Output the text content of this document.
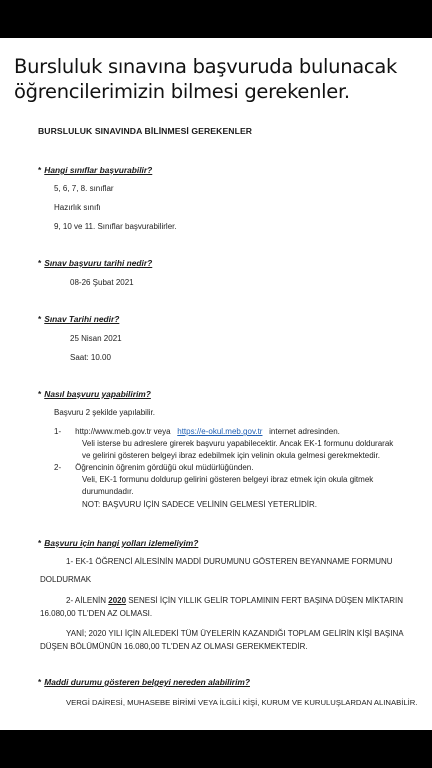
Bursluluk sınavına başvuruda bulunacak öğrencilerimizin bilmesi gerekenler.
BURSLULUK SINAVINDA BİLİNMESİ GEREKENLER
* Hangi sınıflar başvurabilir?
5, 6, 7, 8. sınıflar
Hazırlık sınıfı
9, 10 ve 11. Sınıflar başvurabilirler.
* Sınav başvuru tarihi nedir?
08-26 Şubat 2021
* Sınav Tarihi nedir?
25 Nisan 2021
Saat: 10.00
* Nasıl başvuru yapabilirim?
Başvuru 2 şekilde yapılabilir.
1- http://www.meb.gov.tr veya https://e-okul.meb.gov.tr internet adresinden.
Veli isterse bu adreslere girerek başvuru yapabilecektir. Ancak EK-1 formunu doldurarak
ve gelirini gösteren belgeyi ibraz edebilmek için velinin okula gelmesi gerekmektedir.
2- Öğrencinin öğrenim gördüğü okul müdürlüğünden.
Veli, EK-1 formunu doldurup gelirini gösteren belgeyi ibraz etmek için okula gitmek
durumundadır.
NOT: BAŞVURU İÇİN SADECE VELİNİN GELMESİ YETERLİDİR.
* Başvuru için hangi yolları izlemeliyim?
1- EK-1 ÖĞRENCİ AİLESİNİN MADDİ DURUMUNU GÖSTEREN BEYANNAME FORMUNU
DOLDURMAK
2- AİLENİN 2020 SENESİ İÇİN YILLIK GELİR TOPLAMININ FERT BAŞINA DÜŞEN MİKTARIN
16.080,00 TL'DEN AZ OLMASI.
YANİ; 2020 YILI İÇİN AİLEDEKİ TÜM ÜYELERİN KAZANDIĞI TOPLAM GELİRİN KİŞİ BAŞINA
DÜŞEN BÖLÜMÜNÜN 16.080,00 TL'DEN AZ OLMASI GEREKMEKTEDİR.
* Maddi durumu gösteren belgeyi nereden alabilirim?
VERGİ DAİRESİ, MUHASEBE BİRİMİ VEYA İLGİLİ KİŞİ, KURUM VE KURULUŞLARDAN ALINABİLİR.
